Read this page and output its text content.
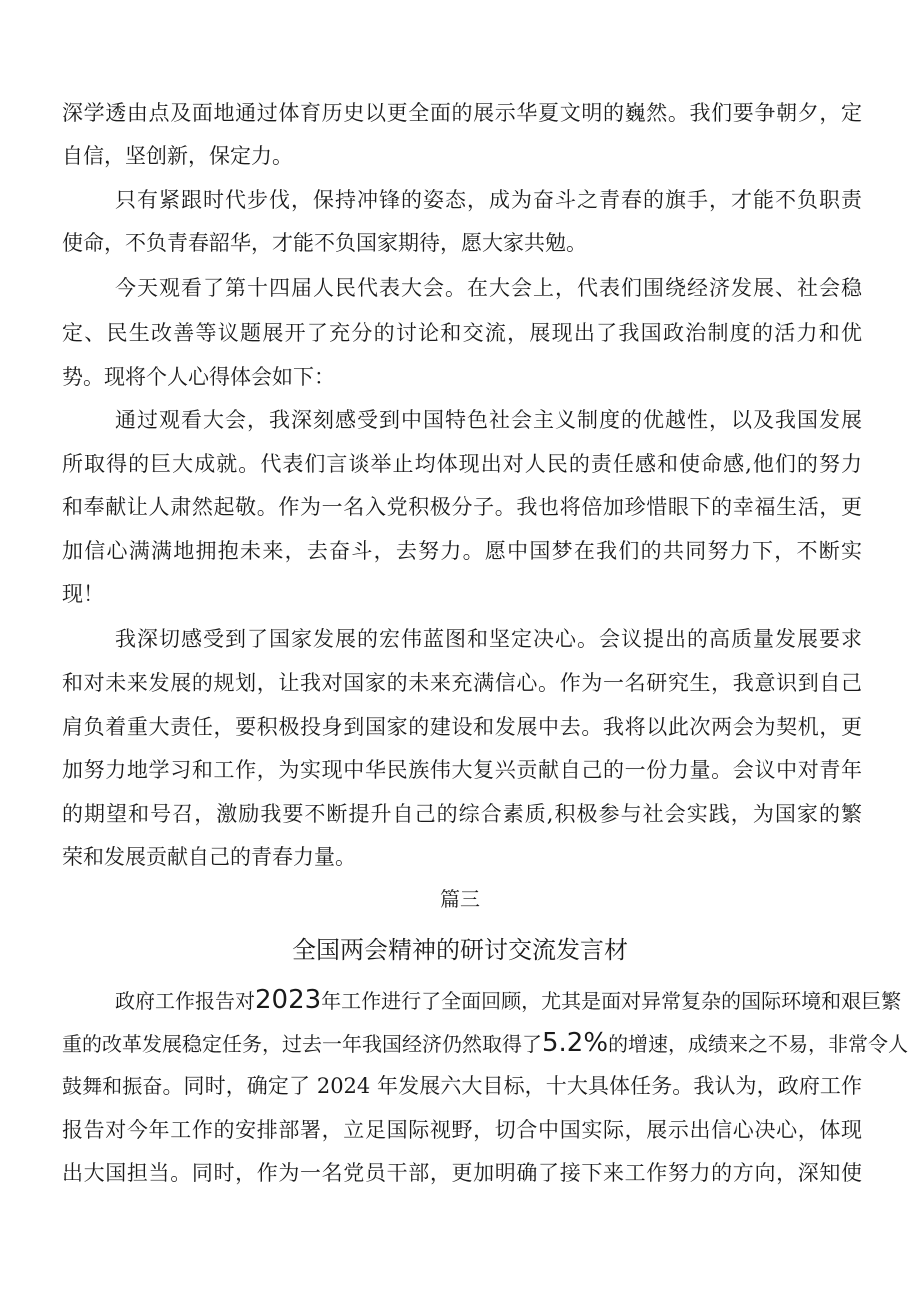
深学透由点及面地通过体育历史以更全面的展示华夏文明的巍然。我们要争朝夕，定
自信，坚创新，保定力。
只有紧跟时代步伐，保持冲锋的姿态，成为奋斗之青春的旗手，才能不负职责
使命，不负青春韶华，才能不负国家期待，愿大家共勉。
今天观看了第十四届人民代表大会。在大会上，代表们围绕经济发展、社会稳
定、民生改善等议题展开了充分的讨论和交流，展现出了我国政治制度的活力和优
势。现将个人心得体会如下：
通过观看大会，我深刻感受到中国特色社会主义制度的优越性，以及我国发展
所取得的巨大成就。代表们言谈举止均体现出对人民的责任感和使命感,他们的努力
和奉献让人肃然起敬。作为一名入党积极分子。我也将倍加珍惜眼下的幸福生活，更
加信心满满地拥抱未来，去奋斗，去努力。愿中国梦在我们的共同努力下，不断实
现！
我深切感受到了国家发展的宏伟蓝图和坚定决心。会议提出的高质量发展要求
和对未来发展的规划，让我对国家的未来充满信心。作为一名研究生，我意识到自己
肩负着重大责任，要积极投身到国家的建设和发展中去。我将以此次两会为契机，更
加努力地学习和工作，为实现中华民族伟大复兴贡献自己的一份力量。会议中对青年
的期望和号召，激励我要不断提升自己的综合素质,积极参与社会实践，为国家的繁
荣和发展贡献自己的青春力量。
篇三
全国两会精神的研讨交流发言材
政府工作报告对2023年工作进行了全面回顾，尤其是面对异常复杂的国际环境和艰巨繁
重的改革发展稳定任务，过去一年我国经济仍然取得了5.2%的增速，成绩来之不易，非常令人
鼓舞和振奋。同时，确定了 2024 年发展六大目标，十大具体任务。我认为，政府工作
报告对今年工作的安排部署，立足国际视野，切合中国实际，展示出信心决心，体现
出大国担当。同时，作为一名党员干部，更加明确了接下来工作努力的方向，深知使
